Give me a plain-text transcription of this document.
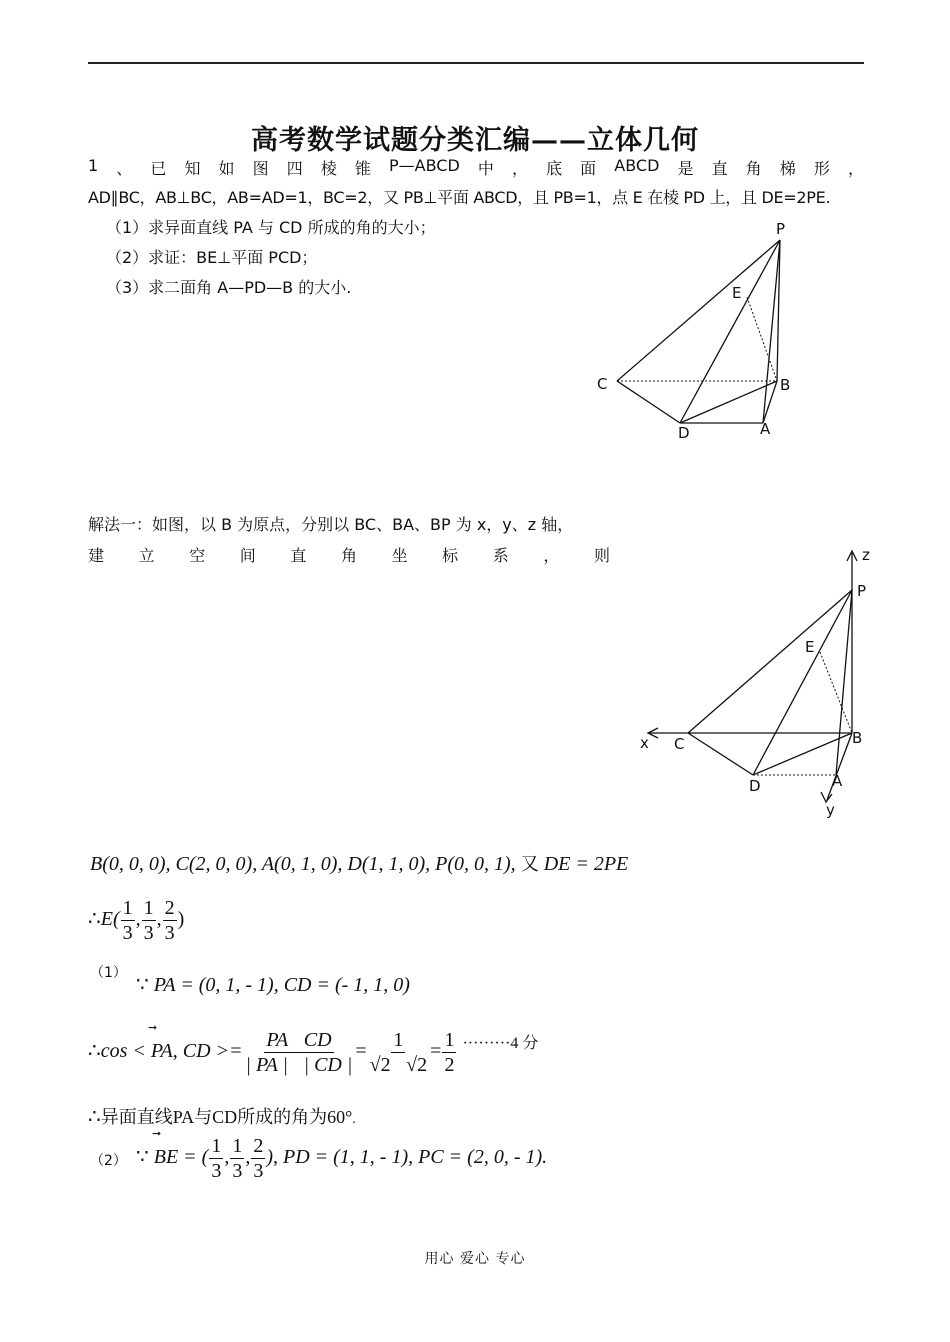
高考数学试题分类汇编——立体几何
1 、 已 知 如 图 四 棱 锥 P—ABCD 中 ， 底 面 ABCD 是 直 角 梯 形 ，
AD∥BC，AB⊥BC，AB=AD=1，BC=2，又 PB⊥平面 ABCD，且 PB=1，点 E 在棱 PD 上，且 DE=2PE.
（1）求异面直线 PA 与 CD 所成的角的大小；
（2）求证：BE⊥平面 PCD；
（3）求二面角 A—PD—B 的大小.
P
E
C	B
D	A
解法一：如图，以 B 为原点，分别以 BC、BA、BP 为 x，y、z 轴，
建 立 空 间 直 角 坐 标 系 ， 则	z
P
E
x C	B
D	A
y
B(0, 0, 0), C(2, 0, 0), A(0, 1, 0), D(1, 1, 0), P(0, 0, 1), 又 DE = 2PE
∴E( $\frac{1}{3}$ , $\frac{1}{3}$ , $\frac{2}{3}$ )
（1）
∵ PA = (0, 1, - 1), CD = (- 1, 1, 0)
➞
∴cos < PA, CD >= $\frac{PA⃞CD}{| PA |⃞| CD |} = \frac{1}{√2⃞√2} = \frac{1}{2} ^{\cdot\cdot\cdot\cdot\cdot\cdot\cdot\cdot\cdot 4 分}$
∴异面直线PA与CD所成的角为60°.
➞
（2） ∵ BE = ( $\frac{1}{3}$ , $\frac{1}{3}$ , $\frac{2}{3}$ ), PD = (1, 1, - 1), PC = (2, 0, - 1).
用心 爱心 专心
